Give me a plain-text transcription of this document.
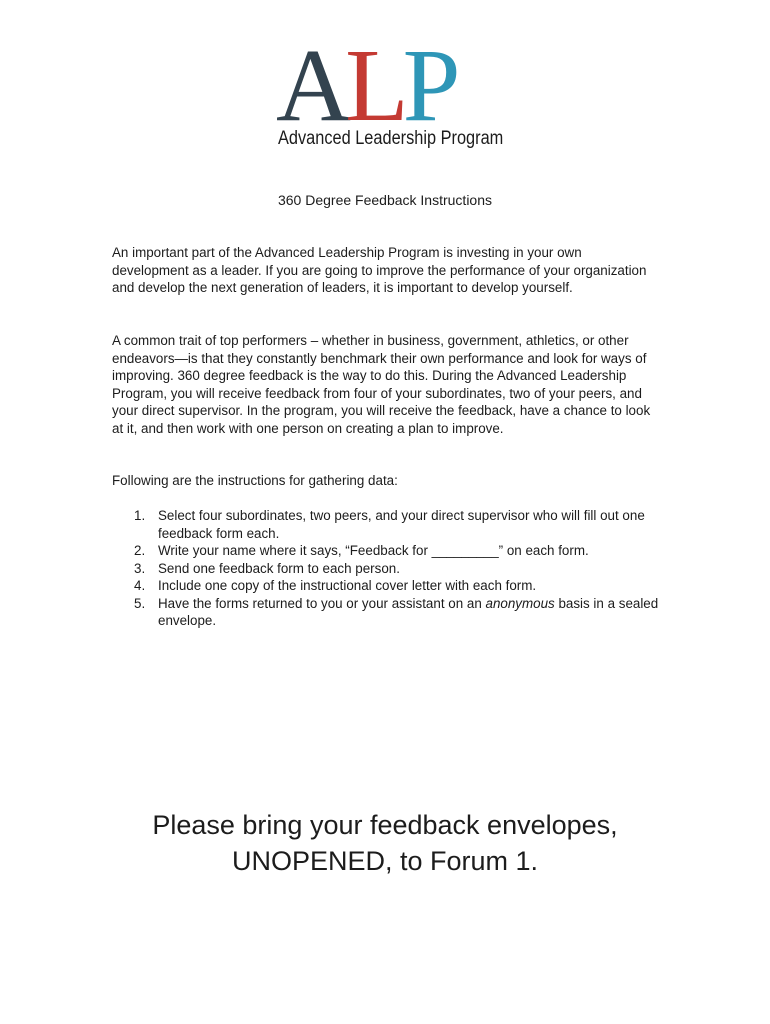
ALP
Advanced Leadership Program
360 Degree Feedback Instructions

An important part of the Advanced Leadership Program is investing in your own development as a leader. If you are going to improve the performance of your organization and develop the next generation of leaders, it is important to develop yourself.

A common trait of top performers – whether in business, government, athletics, or other endeavors—is that they constantly benchmark their own performance and look for ways of improving. 360 degree feedback is the way to do this. During the Advanced Leadership Program, you will receive feedback from four of your subordinates, two of your peers, and your direct supervisor. In the program, you will receive the feedback, have a chance to look at it, and then work with one person on creating a plan to improve.

Following are the instructions for gathering data:

1. Select four subordinates, two peers, and your direct supervisor who will fill out one feedback form each.
2. Write your name where it says, “Feedback for _________” on each form.
3. Send one feedback form to each person.
4. Include one copy of the instructional cover letter with each form.
5. Have the forms returned to you or your assistant on an anonymous basis in a sealed envelope.

Please bring your feedback envelopes,
UNOPENED, to Forum 1.
